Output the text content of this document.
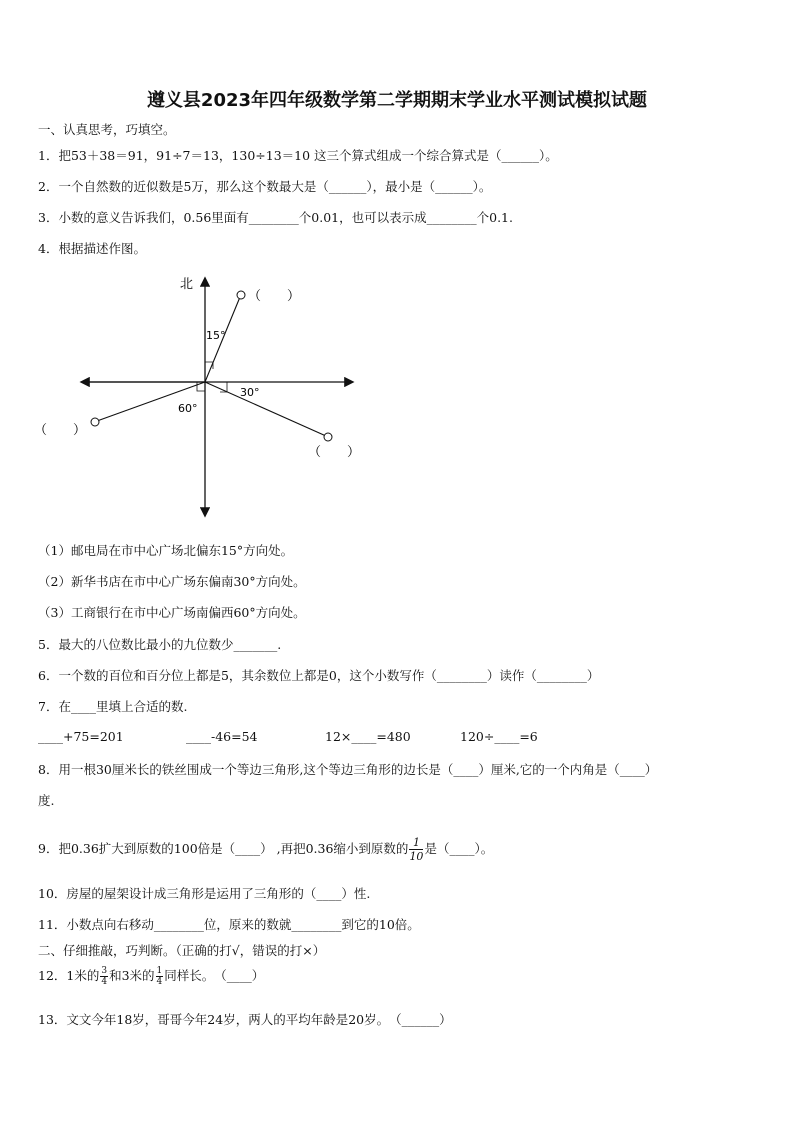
遵义县2023年四年级数学第二学期期末学业水平测试模拟试题
一、认真思考，巧填空。
1．把53＋38＝91，91÷7＝13，130÷13＝10 这三个算式组成一个综合算式是（______）。
2．一个自然数的近似数是5万，那么这个数最大是（______），最小是（______）。
3．小数的意义告诉我们，0.56里面有________个0.01，也可以表示成________个0.1.
4．根据描述作图。
北
（　　）
15°
（　　）
30°
（　　）
60°
（1）邮电局在市中心广场北偏东15°方向处。
（2）新华书店在市中心广场东偏南30°方向处。
（3）工商银行在市中心广场南偏西60°方向处。
5．最大的八位数比最小的九位数少_______.
6．一个数的百位和百分位上都是5，其余数位上都是0，这个小数写作（________）读作（________）
7．在____里填上合适的数.
____+75=201	____-46=54	12×____=480	120÷____=6
8．用一根30厘米长的铁丝围成一个等边三角形,这个等边三角形的边长是（____）厘米,它的一个内角是（____）
度.
9．把0.36扩大到原数的100倍是（____） ,再把0.36缩小到原数的 $\frac{1}{10}$ 是（____）。
10．房屋的屋架设计成三角形是运用了三角形的（____）性.
11．小数点向右移动________位，原来的数就________到它的10倍。
二、仔细推敲，巧判断。（正确的打√，错误的打×）
12．1米的 $\frac{3}{4}$ 和3米的 $\frac{1}{4}$ 同样长。　（____）
13．文文今年18岁，哥哥今年24岁，两人的平均年龄是20岁。　（______）
